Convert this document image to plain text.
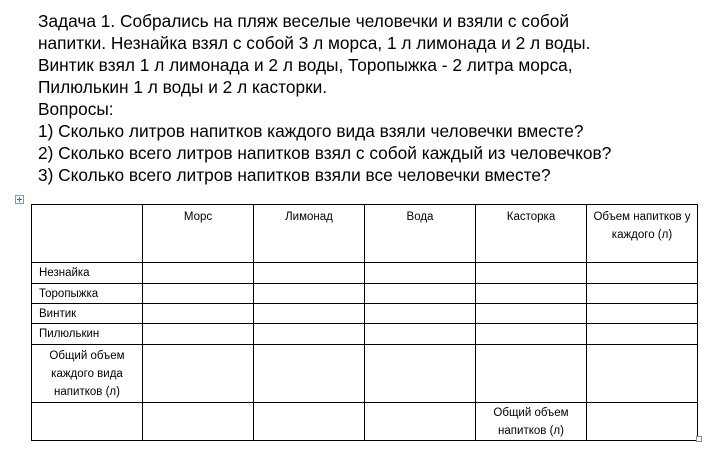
Задача 1. Собрались на пляж веселые человечки и взяли с собой
напитки. Незнайка взял с собой 3 л морса, 1 л лимонада и 2 л воды.
Винтик взял 1 л лимонада и 2 л воды, Торопыжка - 2 литра морса,
Пилюлькин 1 л воды и 2 л касторки.
Вопросы:
1) Сколько литров напитков каждого вида взяли человечки вместе?
2) Сколько всего литров напитков взял с собой каждый из человечков?
3) Сколько всего литров напитков взяли все человечки вместе?
	Морс	Лимонад	Вода	Касторка	Объем напитков у каждого (л)
Незнайка					
Торопыжка					
Винтик					
Пилюлькин					
Общий объем каждого вида напитков (л)					
				Общий объем напитков (л)	
